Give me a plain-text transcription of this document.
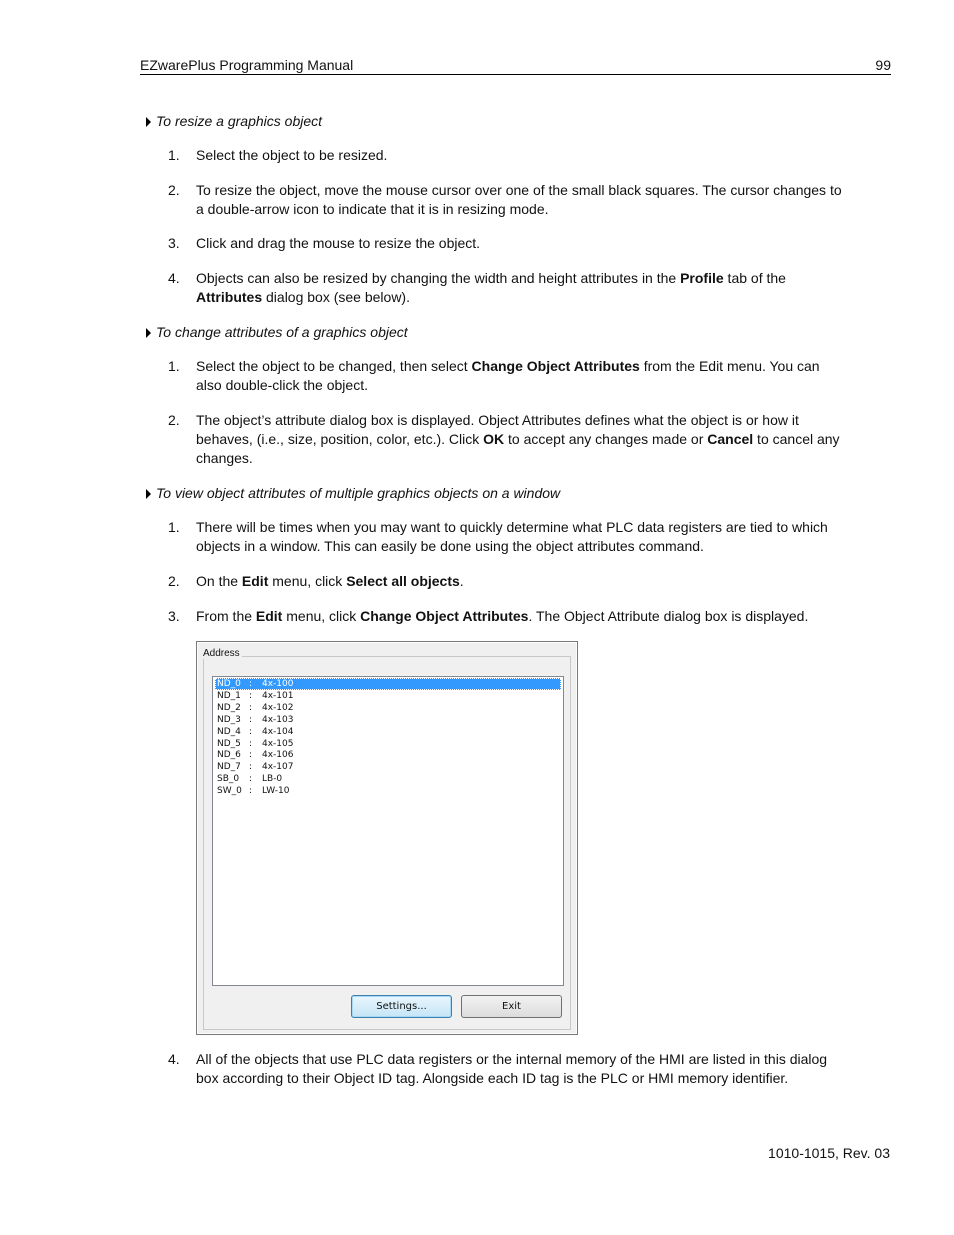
EZwarePlus Programming Manual	99
To resize a graphics object
1. Select the object to be resized.
2. To resize the object, move the mouse cursor over one of the small black squares. The cursor changes to a double-arrow icon to indicate that it is in resizing mode.
3. Click and drag the mouse to resize the object.
4. Objects can also be resized by changing the width and height attributes in the Profile tab of the Attributes dialog box (see below).
To change attributes of a graphics object
1. Select the object to be changed, then select Change Object Attributes from the Edit menu. You can also double-click the object.
2. The object’s attribute dialog box is displayed. Object Attributes defines what the object is or how it behaves, (i.e., size, position, color, etc.). Click OK to accept any changes made or Cancel to cancel any changes.
To view object attributes of multiple graphics objects on a window
1. There will be times when you may want to quickly determine what PLC data registers are tied to which objects in a window. This can easily be done using the object attributes command.
2. On the Edit menu, click Select all objects.
3. From the Edit menu, click Change Object Attributes. The Object Attribute dialog box is displayed.
Address
ND_0 : 4x-100
ND_1 : 4x-101
ND_2 : 4x-102
ND_3 : 4x-103
ND_4 : 4x-104
ND_5 : 4x-105
ND_6 : 4x-106
ND_7 : 4x-107
SB_0 : LB-0
SW_0 : LW-10
Settings...	Exit
4. All of the objects that use PLC data registers or the internal memory of the HMI are listed in this dialog box according to their Object ID tag. Alongside each ID tag is the PLC or HMI memory identifier.
1010-1015, Rev. 03
